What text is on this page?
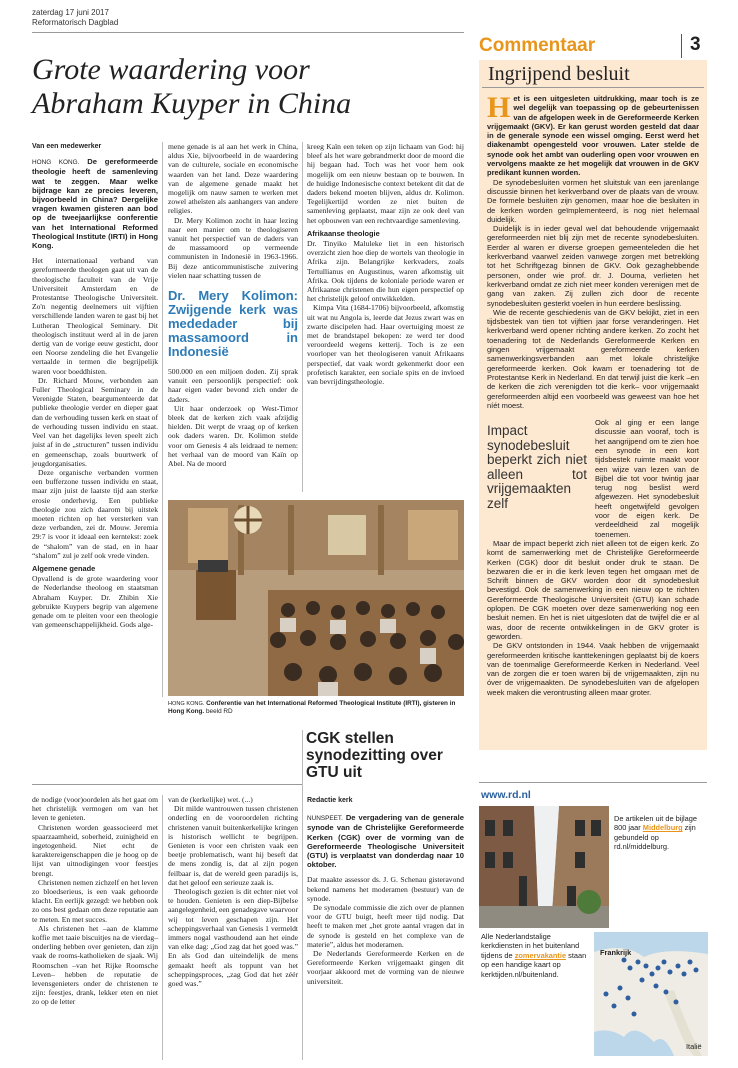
zaterdag 17 juni 2017
Reformatorisch Dagblad
Commentaar	3
Grote waardering voor
Abraham Kuyper in China
Van een medewerker
HONG KONG. De gereformeerde theologie heeft de samenleving wat te zeggen. Maar welke bijdrage kan ze precies leveren, bijvoorbeeld in China? Dergelijke vragen kwamen gisteren aan bod op de tweejaarlijkse conferentie van het International Reformed Theological Institute (IRTI) in Hong Kong.

Het internationaal verband van gereformeerde theologen gaat uit van de theologische faculteit van de Vrije Universiteit Amsterdam en de Protestantse Theologische Universiteit. Zo'n negentig deelnemers uit vijftien verschillende landen waren te gast bij het Lutheran Theological Seminary. Dit theologisch instituut werd al in de jaren dertig van de vorige eeuw gesticht, door een Noorse zendeling die het Evangelie vertaalde in termen die begrijpelijk waren voor boeddhisten.

Dr. Richard Mouw, verbonden aan Fuller Theological Seminary in de Verenigde Staten, beargumenteerde dat publieke theologie verder en dieper gaat dan de verhouding tussen kerk en staat of de verhouding tussen individu en staat. Veel van het dagelijks leven speelt zich juist af in de „structuren” tussen individu en gemeenschap, zoals buurtwerk of jeugdorganisaties.

Deze organische verbanden vormen een bufferzone tussen individu en staat, maar zijn juist de laatste tijd aan sterke erosie onderhevig. Een publieke theologie zou zich daarom bij uitstek moeten richten op het versterken van deze verbanden, zei dr. Mouw. Jeremia 29:7 is voor it ideaal een kerntekst: zoek de “shalom” van de stad, en in haar “shalom” zul je zelf ook vrede vinden.

Algemene genade

Opvallend is de grote waardering voor de Nederlandse theoloog en staatsman Abraham Kuyper. Dr. Zhibin Xie gebruikte Kuypers begrip van algemene genade om te pleiten voor een theologie van gemeenschappelijkheid. Gods alge-

mene genade is al aan het werk in China, aldus Xie, bijvoorbeeld in de waardering van de culturele, sociale en economische waarden van het land. Deze waardering van de algemene genade maakt het mogelijk om nauw samen te werken met zowel atheïsten als aanhangers van andere religies.

Dr. Mery Kolimon zocht in haar lezing naar een manier om te theologiseren vanuit het perspectief van de daders van de massamoord op vermeende communisten in Indonesië in 1963-1966. Bij deze anticommunistische zuivering vielen naar schatting tussen de

Dr. Mery Kolimon: Zwijgende kerk was mededader bij massamoord in Indonesië

500.000 en een miljoen doden. Zij sprak vanuit een persoonlijk perspectief: ook haar eigen vader bevond zich onder de daders.

Uit haar onderzoek op West-Timor bleek dat de kerken zich vaak afzijdig hielden. Dit werpt de vraag op of kerken ook daders waren. Dr. Kolimon stelde voor om Genesis 4 als leidraad te nemen: het verhaal van de moord van Kaïn op Abel. Na de moord

kreeg Kaïn een teken op zijn lichaam van God: hij bleef als het ware gebrandmerkt door de moord die hij begaan had. Toch was het voor hem ook mogelijk om een nieuw bestaan op te bouwen. In de huidige Indonesische context betekent dit dat de daders bekend moeten blijven, aldus dr. Kolimon. Tegelijkertijd worden ze niet buiten de samenleving geplaatst, maar zijn ze ook deel van het opbouwen van een rechtvaardige samenleving.

Afrikaanse theologie

Dr. Tinyiko Maluleke liet in een historisch overzicht zien hoe diep de wortels van theologie in Afrika zijn. Belangrijke kerkvaders, zoals Tertullianus en Augustinus, waren afkomstig uit Afrika. Ook tijdens de koloniale periode waren er Afrikaanse christenen die hun eigen perspectief op het christelijk geloof ontwikkelden.

Kimpa Vita (1684-1706) bijvoorbeeld, afkomstig uit wat nu Angola is, leerde dat Jezus zwart was en zwarte discipelen had. Haar overtuiging moest ze met de brandstapel bekopen: ze werd ter dood veroordeeld wegens ketterij. Toch is ze een voorloper van het theologiseren vanuit Afrikaans perspectief, dat vaak wordt gekenmerkt door een profetisch karakter, een sociale spits en de invloed van bevrijdingstheologie.

HONG KONG. Conferentie van het International Reformed Theological Institute (IRTI), gisteren in Hong Kong. beeld RD

de nodige (voor)oordelen als het gaat om het christelijk vermogen om van het leven te genieten.

Christenen worden geassocieerd met spaarzaamheid, soberheid, zuinigheid en ingetogenheid. Niet echt de karaktereigenschappen die je hoog op de lijst van uitnodigingen voor feestjes brengt.

Christenen nemen zichzelf en het leven zo bloedserieus, is een vaak gehoorde klacht. En eerlijk gezegd: we hebben ook zo ons best gedaan om deze reputatie aan te meten. En met succes.

Als christenen het –aan de klamme koffie met taaie biscuitjes na de vierdag– onderling hebben over genieten, dan zijn vaak de rooms-katholieken de sjaak. Wij Roomschen –van het Rijke Roomsche Leven– hebben de reputatie de levensgenieters onder de christenen te zijn: feestjes, drank, lekker eten en niet zo op de letter

van de (kerkelijke) wet. (...)

Dit milde wantrouwen tussen christenen onderling en de vooroordelen richting christenen vanuit buitenkerkelijke kringen is historisch wellicht te begrijpen. Genieten is voor een christen vaak een beetje problematisch, want hij beseft dat de mens zondig is, dat al zijn pogen feilbaar is, dat de wereld geen paradijs is, dat het geloof een serieuze zaak is.

Theologisch gezien is dit echter niet vol te houden. Genieten is een diep-Bijbelse aangelegenheid, een genadegave waarvoor wij tot leven geschapen zijn. Het scheppingsverhaal van Genesis 1 vermeldt immers nogal vasthoudend aan het einde van elke dag: „God zag dat het goed was.” En als God dan uiteindelijk de mens gemaakt heeft als toppunt van het scheppingsproces, „zag God dat het zéér goed was.”

CGK stellen synodezitting over GTU uit
Redactie kerk
NUNSPEET. De vergadering van de generale synode van de Christelijke Gereformeerde Kerken (CGK) over de vorming van de Gereformeerde Theologische Universiteit (GTU) is verplaatst van donderdag naar 10 oktober.

Dat maakte assessor ds. J. G. Schenau gisteravond bekend namens het moderamen (bestuur) van de synode.

De synodale commissie die zich over de plannen voor de GTU buigt, heeft meer tijd nodig. Dat heeft te maken met „het grote aantal vragen dat in de synode is gesteld en het complexe van de materie”, aldus het moderamen.

De Nederlands Gereformeerde Kerken en de Gereformeerde Kerken vrijgemaakt gingen dit voorjaar akkoord met de vorming van de nieuwe universiteit.

Ingrijpend besluit
H et is een uitgesleten uitdrukking, maar toch is ze wel degelijk van toepassing op de gebeurtenissen van de afgelopen week in de Gereformeerde Kerken vrijgemaakt (GKV). Er kan gerust worden gesteld dat daar in de generale synode een wissel omging. Eerst werd het diakenambt opengesteld voor vrouwen. Later stelde de synode ook het ambt van ouderling open voor vrouwen en vervolgens maakte ze het mogelijk dat vrouwen in de GKV predikant kunnen worden.

De synodebesluiten vormen het sluitstuk van een jarenlange discussie binnen het kerkverband over de plaats van de vrouw. De formele besluiten zijn genomen, maar hoe die besluiten in de kerken worden geïmplementeerd, is nog niet helemaal duidelijk.

Duidelijk is in ieder geval wel dat behoudende vrijgemaakt gereformeerden niet blij zijn met de recente synodebesluiten. Eerder al waren er diverse groepen gemeenteleden die het kerkverband vaarwel zeiden vanwege zorgen met betrekking tot het Schriftgezag binnen de GKV. Ook gezaghebbende personen, onder wie prof. dr. J. Douma, verlieten het kerkverband omdat ze zich niet meer konden verenigen met de gang van zaken. Zij zullen zich door de recente synodebesluiten gesterkt voelen in hun eerdere beslissing.

Wie de recente geschiedenis van de GKV bekijkt, ziet in een tijdsbestek van tien tot vijftien jaar forse veranderingen. Het kerkverband werd opener richting andere kerken. Zo zocht het toenadering tot de Nederlands Gereformeerde Kerken en gingen vrijgemaakt gereformeerde kerken samenwerkingsverbanden aan met lokale christelijke gereformeerde kerken. Ook kwam er toenadering tot de Protestantse Kerk in Nederland. En dat terwijl juist die kerk –en de kerken die zich verenigden tot die kerk– voor vrijgemaakt gereformeerden altijd een voorbeeld was geweest van hoe het níét moest.

Impact synodebesluit beperkt zich niet alleen tot vrijgemaakten zelf
Ook al ging er een lange discussie aan vooraf, toch is het aangrijpend om te zien hoe een synode in een kort tijdsbestek ruimte maakt voor een wijze van lezen van de Bijbel die tot voor twintig jaar terug nog beslist werd afgewezen. Het synodebesluit heeft ongetwijfeld gevolgen voor de eigen kerk. De verdeeldheid zal mogelijk toenemen.

Maar de impact beperkt zich niet alleen tot de eigen kerk. Zo komt de samenwerking met de Christelijke Gereformeerde Kerken (CGK) door dit besluit onder druk te staan. De bezwaren die er in die kerk leven tegen het omgaan met de Schrift binnen de GKV worden door dit synodebesluit bevestigd. Ook de samenwerking in een nieuw op te richten Gereformeerde Theologische Universiteit (GTU) kan schade oplopen. De CGK moeten over deze samenwerking nog een besluit nemen. En het is niet uitgesloten dat de twijfel die er al was, door de recente ontwikkelingen in de GKV groter is geworden.

De GKV ontstonden in 1944. Vaak hebben de vrijgemaakt gereformeerden kritische kanttekeningen geplaatst bij de koers van de toenmalige Gereformeerde Kerken in Nederland. Veel van de zorgen die er toen waren bij de vrijgemaakten, zijn nu óver de vrijgemaakten. De synodebesluiten van de afgelopen week maken die verontrusting alleen maar groter.

www.rd.nl
De artikelen uit de bijlage 800 jaar Middelburg zijn gebundeld op rd.nl/middelburg.
Alle Nederlandstalige kerkdiensten in het buitenland tijdens de zomervakantie staan op een handige kaart op kerktijden.nl/buitenland.
Frankrijk
Italië
